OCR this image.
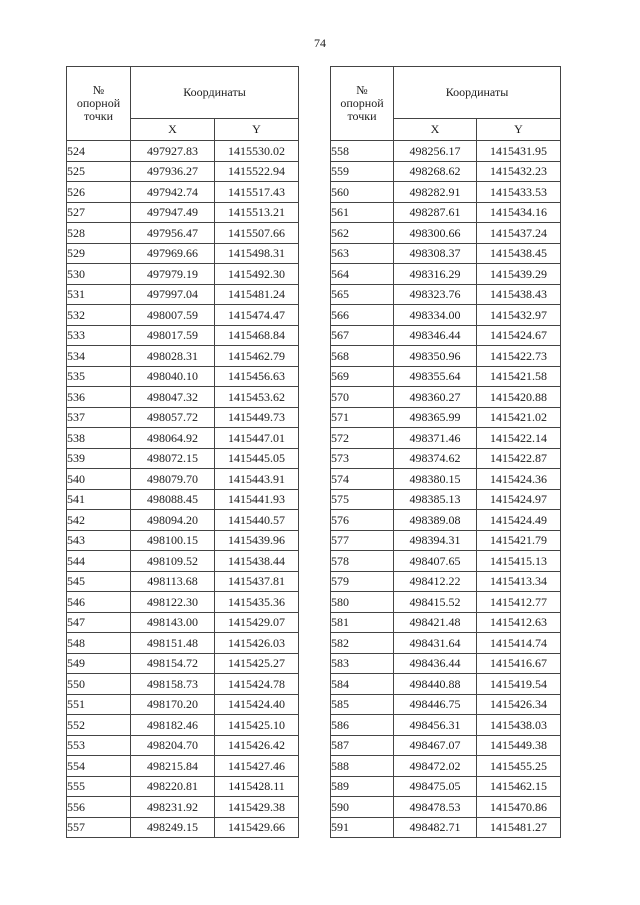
74
№
опорной
точки	Координаты	
	X	Y
524	497927.83	1415530.02
525	497936.27	1415522.94
526	497942.74	1415517.43
527	497947.49	1415513.21
528	497956.47	1415507.66
529	497969.66	1415498.31
530	497979.19	1415492.30
531	497997.04	1415481.24
532	498007.59	1415474.47
533	498017.59	1415468.84
534	498028.31	1415462.79
535	498040.10	1415456.63
536	498047.32	1415453.62
537	498057.72	1415449.73
538	498064.92	1415447.01
539	498072.15	1415445.05
540	498079.70	1415443.91
541	498088.45	1415441.93
542	498094.20	1415440.57
543	498100.15	1415439.96
544	498109.52	1415438.44
545	498113.68	1415437.81
546	498122.30	1415435.36
547	498143.00	1415429.07
548	498151.48	1415426.03
549	498154.72	1415425.27
550	498158.73	1415424.78
551	498170.20	1415424.40
552	498182.46	1415425.10
553	498204.70	1415426.42
554	498215.84	1415427.46
555	498220.81	1415428.11
556	498231.92	1415429.38
557	498249.15	1415429.66
№
опорной
точки	Координаты	
	X	Y
558	498256.17	1415431.95
559	498268.62	1415432.23
560	498282.91	1415433.53
561	498287.61	1415434.16
562	498300.66	1415437.24
563	498308.37	1415438.45
564	498316.29	1415439.29
565	498323.76	1415438.43
566	498334.00	1415432.97
567	498346.44	1415424.67
568	498350.96	1415422.73
569	498355.64	1415421.58
570	498360.27	1415420.88
571	498365.99	1415421.02
572	498371.46	1415422.14
573	498374.62	1415422.87
574	498380.15	1415424.36
575	498385.13	1415424.97
576	498389.08	1415424.49
577	498394.31	1415421.79
578	498407.65	1415415.13
579	498412.22	1415413.34
580	498415.52	1415412.77
581	498421.48	1415412.63
582	498431.64	1415414.74
583	498436.44	1415416.67
584	498440.88	1415419.54
585	498446.75	1415426.34
586	498456.31	1415438.03
587	498467.07	1415449.38
588	498472.02	1415455.25
589	498475.05	1415462.15
590	498478.53	1415470.86
591	498482.71	1415481.27
